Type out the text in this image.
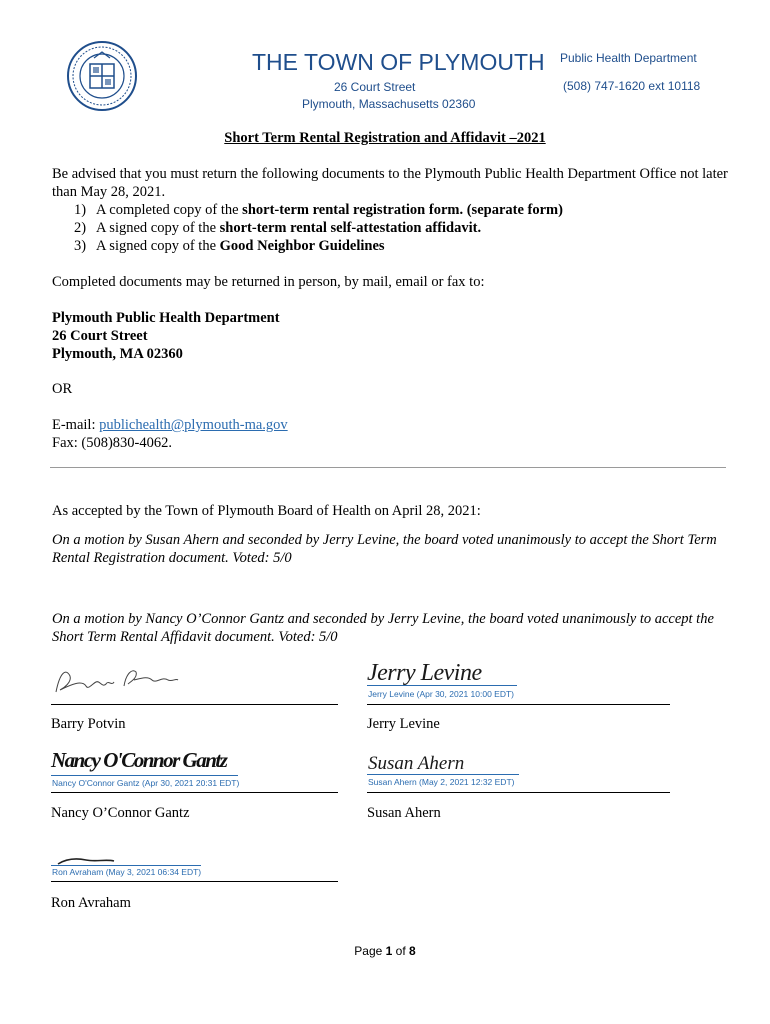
THE TOWN OF PLYMOUTH
26 Court Street
Plymouth, Massachusetts 02360
Public Health Department
(508) 747-1620 ext 10118
Short Term Rental Registration and Affidavit –2021
Be advised that you must return the following documents to the Plymouth Public Health Department Office not later than May 28, 2021.
1) A completed copy of the short-term rental registration form. (separate form)
2) A signed copy of the short-term rental self-attestation affidavit.
3) A signed copy of the Good Neighbor Guidelines
Completed documents may be returned in person, by mail, email or fax to:
Plymouth Public Health Department
26 Court Street
Plymouth, MA 02360
OR
E-mail: publichealth@plymouth-ma.gov
Fax: (508)830-4062.
As accepted by the Town of Plymouth Board of Health on April 28, 2021:
On a motion by Susan Ahern and seconded by Jerry Levine, the board voted unanimously to accept the Short Term Rental Registration document. Voted: 5/0
On a motion by Nancy O’Connor Gantz and seconded by Jerry Levine, the board voted unanimously to accept the Short Term Rental Affidavit document. Voted: 5/0
Barry Potvin
Jerry Levine
Jerry Levine (Apr 30, 2021 10:00 EDT)
Jerry Levine
Nancy O'Connor Gantz
Nancy O'Connor Gantz (Apr 30, 2021 20:31 EDT)
Nancy O’Connor Gantz
Susan Ahern
Susan Ahern (May 2, 2021 12:32 EDT)
Susan Ahern
Ron Avraham (May 3, 2021 06:34 EDT)
Ron Avraham
Page 1 of 8
